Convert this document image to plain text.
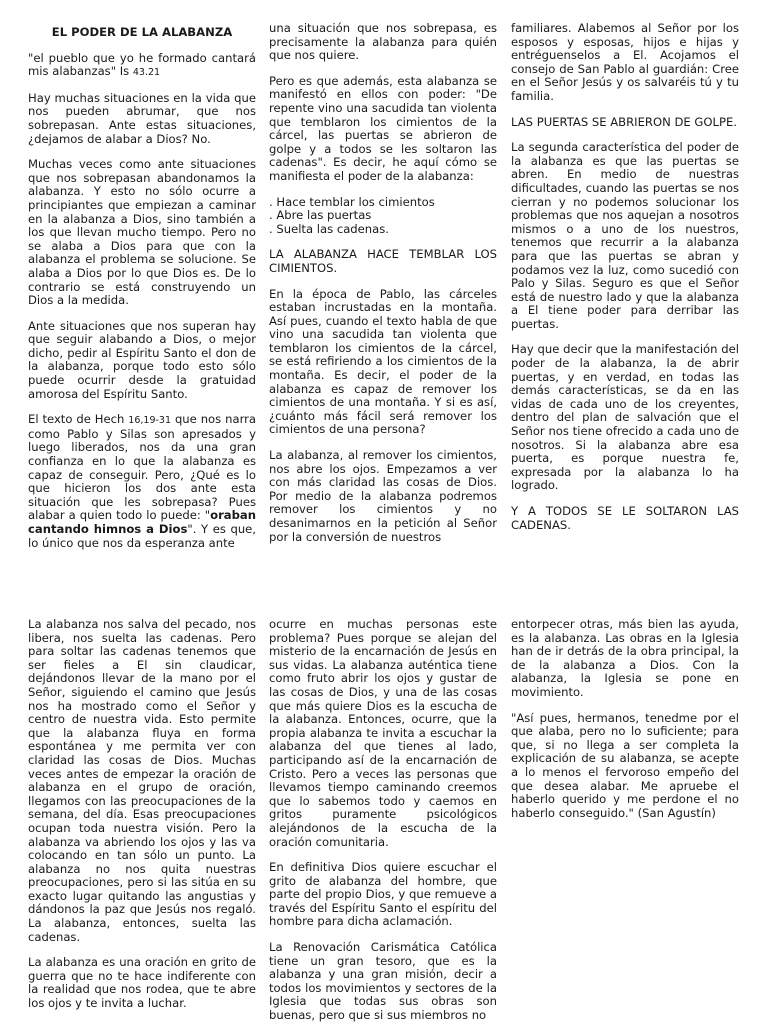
EL PODER DE LA ALABANZA

"el pueblo que yo he formado cantará mis alabanzas" Is 43.21

Hay muchas situaciones en la vida que nos pueden abrumar, que nos sobrepasan. Ante estas situaciones, ¿dejamos de alabar a Dios? No.

Muchas veces como ante situaciones que nos sobrepasan abandonamos la alabanza. Y esto no sólo ocurre a principiantes que empiezan a caminar en la alabanza a Dios, sino también a los que llevan mucho tiempo. Pero no se alaba a Dios para que con la alabanza el problema se solucione. Se alaba a Dios por lo que Dios es. De lo contrario se está construyendo un Dios a la medida.

Ante situaciones que nos superan hay que seguir alabando a Dios, o mejor dicho, pedir al Espíritu Santo el don de la alabanza, porque todo esto sólo puede ocurrir desde la gratuidad amorosa del Espíritu Santo.

El texto de Hech 16,19-31 que nos narra como Pablo y Silas son apresados y luego liberados, nos da una gran confianza en lo que la alabanza es capaz de conseguir. Pero, ¿Qué es lo que hicieron los dos ante esta situación que les sobrepasa? Pues alabar a quien todo lo puede: "oraban cantando himnos a Dios". Y es que, lo único que nos da esperanza ante

una situación que nos sobrepasa, es precisamente la alabanza para quién que nos quiere.

Pero es que además, esta alabanza se manifestó en ellos con poder: "De repente vino una sacudida tan violenta que temblaron los cimientos de la cárcel, las puertas se abrieron de golpe y a todos se les soltaron las cadenas". Es decir, he aquí cómo se manifiesta el poder de la alabanza:

. Hace temblar los cimientos
. Abre las puertas
. Suelta las cadenas.

LA ALABANZA HACE TEMBLAR LOS CIMIENTOS.

En la época de Pablo, las cárceles estaban incrustadas en la montaña. Así pues, cuando el texto habla de que vino una sacudida tan violenta que temblaron los cimientos de la cárcel, se está refiriendo a los cimientos de la montaña. Es decir, el poder de la alabanza es capaz de remover los cimientos de una montaña. Y si es así, ¿cuánto más fácil será remover los cimientos de una persona?

La alabanza, al remover los cimientos, nos abre los ojos. Empezamos a ver con más claridad las cosas de Dios. Por medio de la alabanza podremos remover los cimientos y no desanimarnos en la petición al Señor por la conversión de nuestros

familiares. Alabemos al Señor por los esposos y esposas, hijos e hijas y entréguenselos a El. Acojamos el consejo de San Pablo al guardián: Cree en el Señor Jesús y os salvaréis tú y tu familia.

LAS PUERTAS SE ABRIERON DE GOLPE.

La segunda característica del poder de la alabanza es que las puertas se abren. En medio de nuestras dificultades, cuando las puertas se nos cierran y no podemos solucionar los problemas que nos aquejan a nosotros mismos o a uno de los nuestros, tenemos que recurrir a la alabanza para que las puertas se abran y podamos vez la luz, como sucedió con Palo y Silas. Seguro es que el Señor está de nuestro lado y que la alabanza a El tiene poder para derribar las puertas.

Hay que decir que la manifestación del poder de la alabanza, la de abrir puertas, y en verdad, en todas las demás características, se da en las vidas de cada uno de los creyentes, dentro del plan de salvación que el Señor nos tiene ofrecido a cada uno de nosotros. Si la alabanza abre esa puerta, es porque nuestra fe, expresada por la alabanza lo ha logrado.

Y A TODOS SE LE SOLTARON LAS CADENAS.

La alabanza nos salva del pecado, nos libera, nos suelta las cadenas. Pero para soltar las cadenas tenemos que ser fieles a El sin claudicar, dejándonos llevar de la mano por el Señor, siguiendo el camino que Jesús nos ha mostrado como el Señor y centro de nuestra vida. Esto permite que la alabanza fluya en forma espontánea y me permita ver con claridad las cosas de Dios. Muchas veces antes de empezar la oración de alabanza en el grupo de oración, llegamos con las preocupaciones de la semana, del día. Esas preocupaciones ocupan toda nuestra visión. Pero la alabanza va abriendo los ojos y las va colocando en tan sólo un punto. La alabanza no nos quita nuestras preocupaciones, pero si las sitúa en su exacto lugar quitando las angustias y dándonos la paz que Jesús nos regaló. La alabanza, entonces, suelta las cadenas.

La alabanza es una oración en grito de guerra que no te hace indiferente con la realidad que nos rodea, que te abre los ojos y te invita a luchar.

ocurre en muchas personas este problema? Pues porque se alejan del misterio de la encarnación de Jesús en sus vidas. La alabanza auténtica tiene como fruto abrir los ojos y gustar de las cosas de Dios, y una de las cosas que más quiere Dios es la escucha de la alabanza. Entonces, ocurre, que la propia alabanza te invita a escuchar la alabanza del que tienes al lado, participando así de la encarnación de Cristo. Pero a veces las personas que llevamos tiempo caminando creemos que lo sabemos todo y caemos en gritos puramente psicológicos alejándonos de la escucha de la oración comunitaria.

En definitiva Dios quiere escuchar el grito de alabanza del hombre, que parte del propio Dios, y que remueve a través del Espíritu Santo el espíritu del hombre para dicha aclamación.

La Renovación Carismática Católica tiene un gran tesoro, que es la alabanza y una gran misión, decir a todos los movimientos y sectores de la Iglesia que todas sus obras son buenas, pero que si sus miembros no

entorpecer otras, más bien las ayuda, es la alabanza. Las obras en la Iglesia han de ir detrás de la obra principal, la de la alabanza a Dios. Con la alabanza, la Iglesia se pone en movimiento.

"Así pues, hermanos, tenedme por el que alaba, pero no lo suficiente; para que, si no llega a ser completa la explicación de su alabanza, se acepte a lo menos el fervoroso empeño del que desea alabar. Me apruebe el haberlo querido y me perdone el no haberlo conseguido." (San Agustín)
